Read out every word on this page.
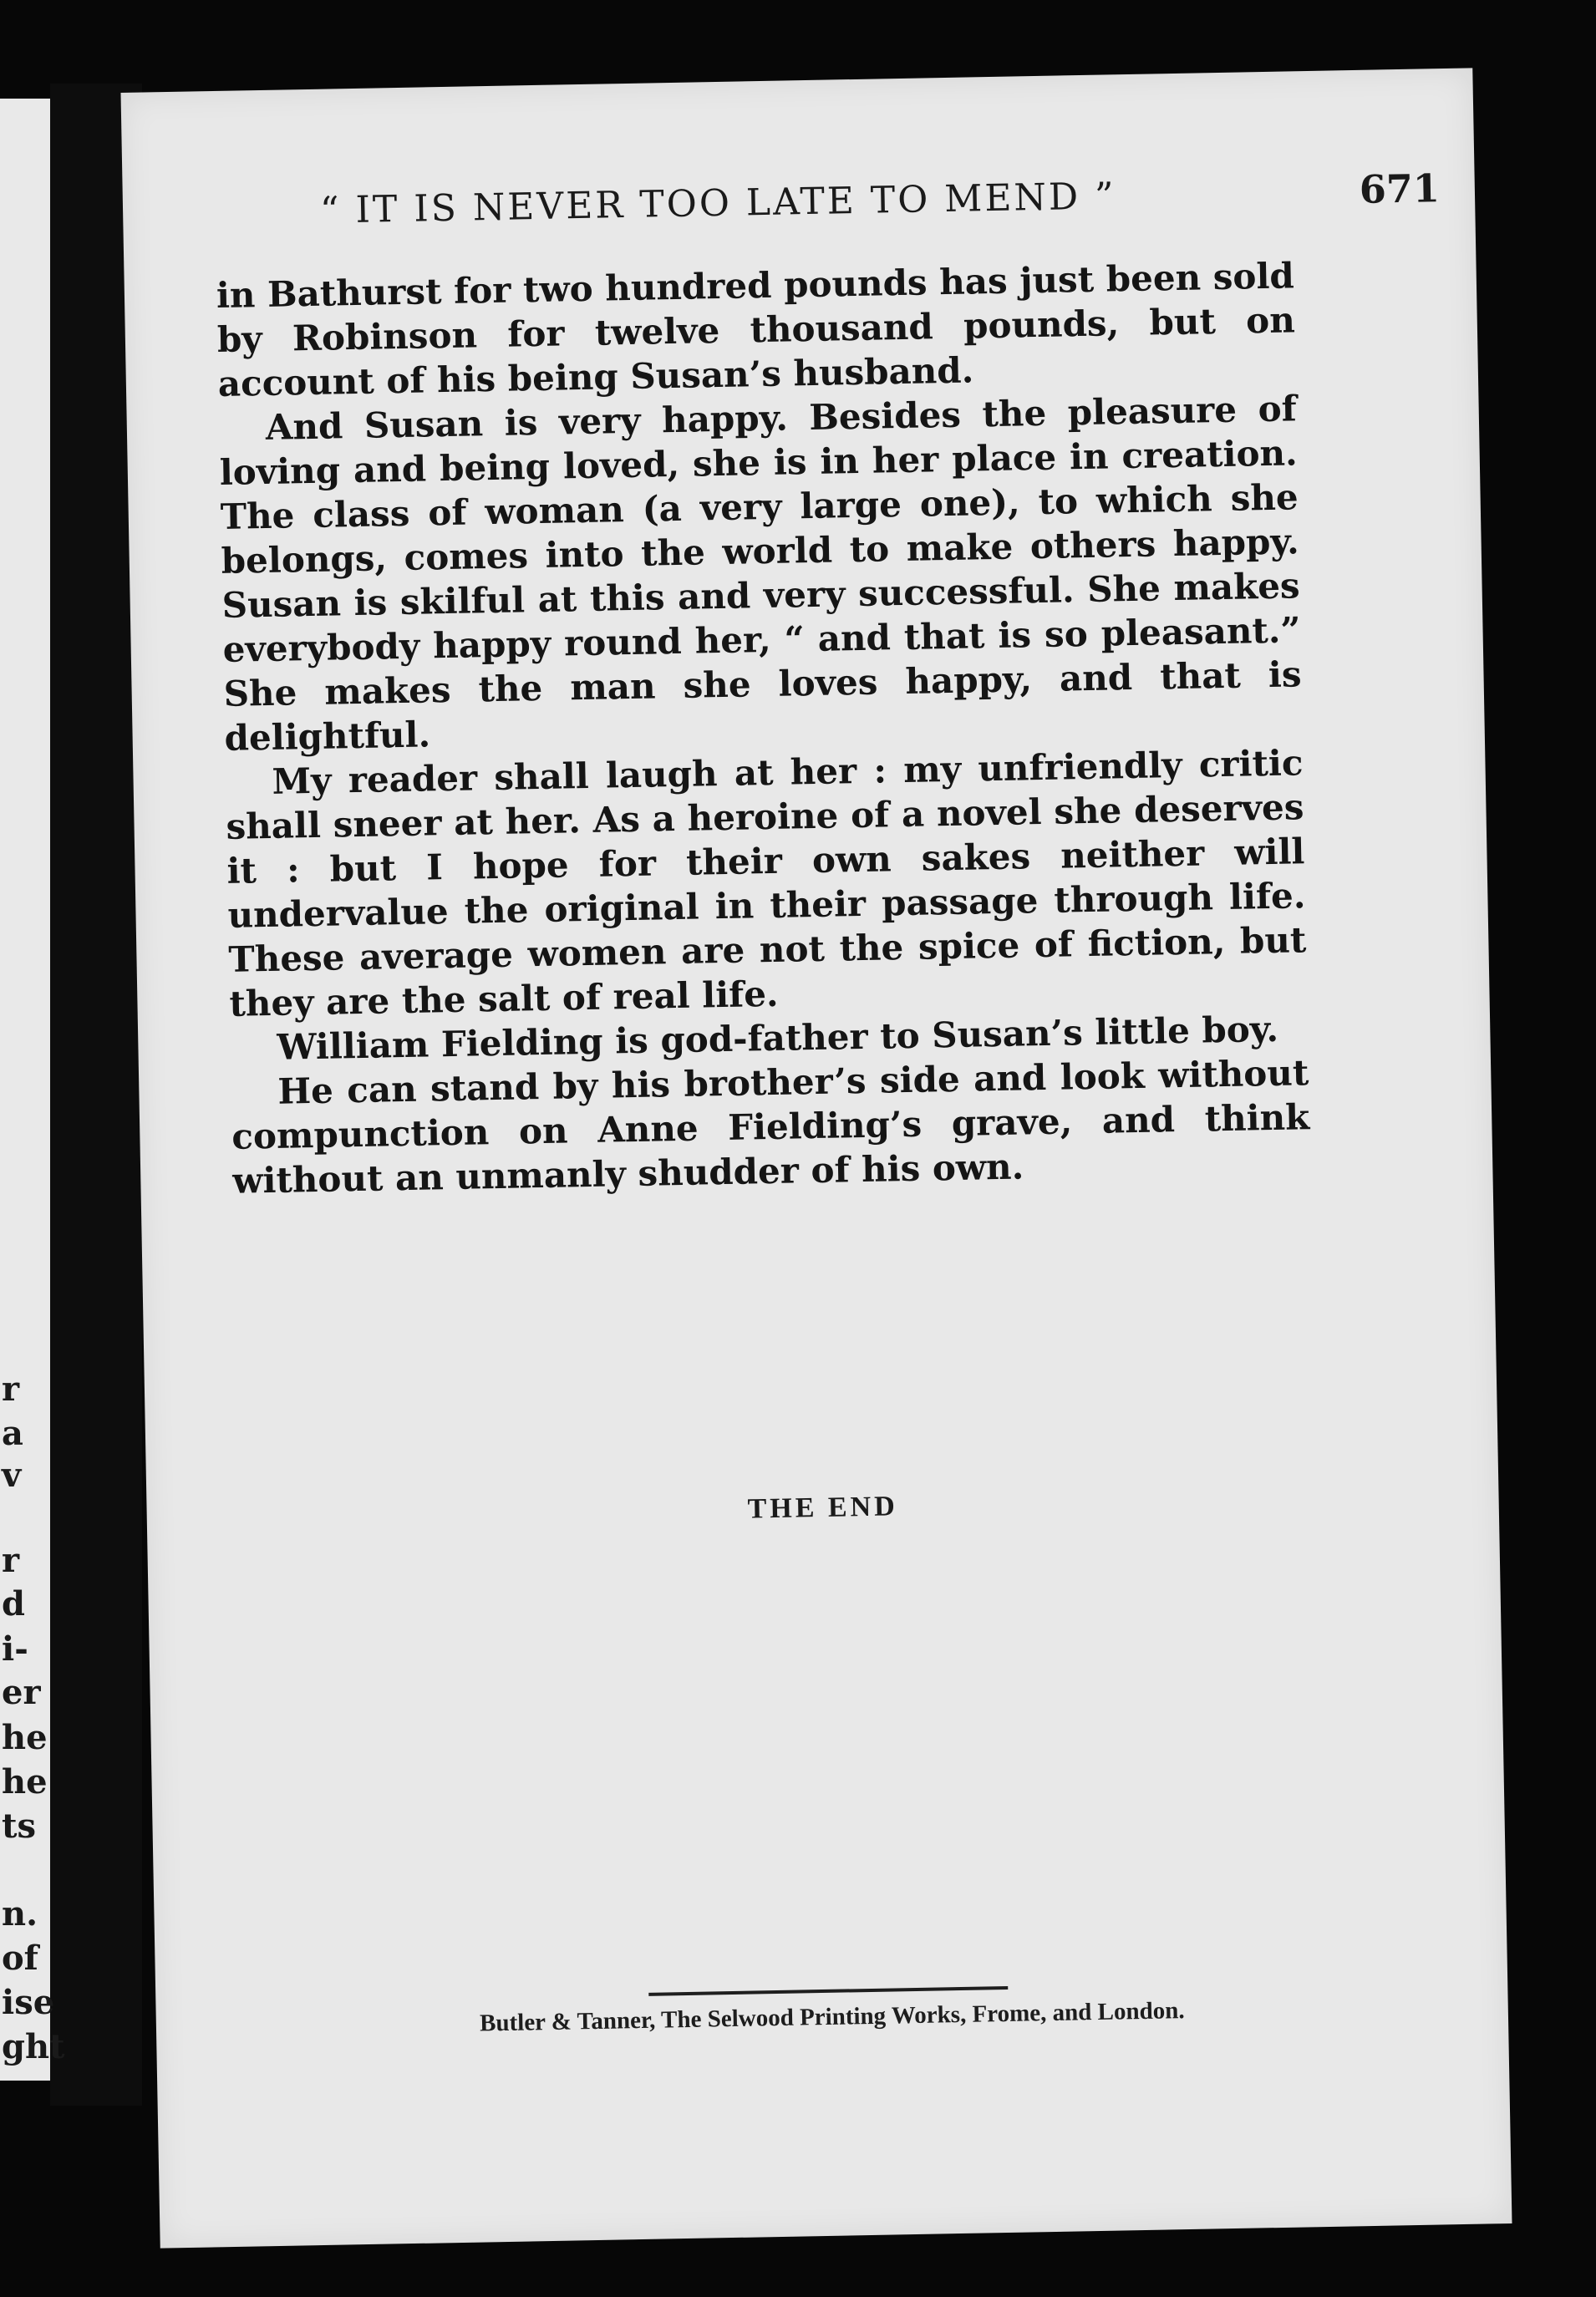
r
a
v
r
d
i-
er
he
he
ts
n.
of
ise
ght
“ IT IS NEVER TOO LATE TO MEND ”	671

in Bathurst for two hundred pounds has just been sold by Robinson for twelve thousand pounds, but on account of his being Susan’s husband.

And Susan is very happy. Besides the pleasure of loving and being loved, she is in her place in creation. The class of woman (a very large one), to which she belongs, comes into the world to make others happy. Susan is skilful at this and very successful. She makes everybody happy round her, “ and that is so pleasant.” She makes the man she loves happy, and that is delightful.

My reader shall laugh at her : my unfriendly critic shall sneer at her. As a heroine of a novel she deserves it : but I hope for their own sakes neither will undervalue the original in their passage through life. These average women are not the spice of fiction, but they are the salt of real life.

William Fielding is god-father to Susan’s little boy.

He can stand by his brother’s side and look without compunction on Anne Fielding’s grave, and think without an unmanly shudder of his own.

THE END
Butler & Tanner, The Selwood Printing Works, Frome, and London.
